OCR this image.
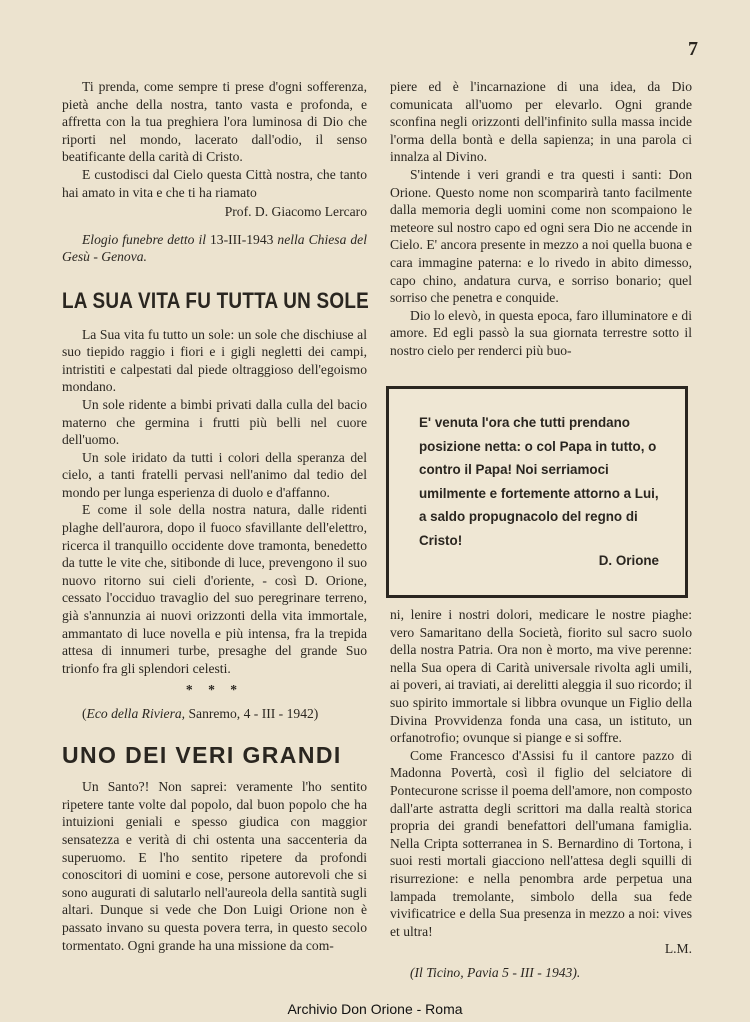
7

Ti prenda, come sempre ti prese d'ogni sofferenza, pietà anche della nostra, tanto vasta e profonda, e affretta con la tua preghiera l'ora luminosa di Dio che riporti nel mondo, lacerato dall'odio, il senso beatificante della carità di Cristo.

E custodisci dal Cielo questa Città nostra, che tanto hai amato in vita e che ti ha riamato

Prof. D. Giacomo Lercaro

Elogio funebre detto il 13-III-1943 nella Chiesa del Gesù - Genova.

LA SUA VITA FU TUTTA UN SOLE

La Sua vita fu tutto un sole: un sole che dischiuse al suo tiepido raggio i fiori e i gigli negletti dei campi, intristiti e calpestati dal piede oltraggioso dell'egoismo mondano.

Un sole ridente a bimbi privati dalla culla del bacio materno che germina i frutti più belli nel cuore dell'uomo.

Un sole iridato da tutti i colori della speranza del cielo, a tanti fratelli pervasi nell'animo dal tedio del mondo per lunga esperienza di duolo e d'affanno.

E come il sole della nostra natura, dalle ridenti plaghe dell'aurora, dopo il fuoco sfavillante dell'elettro, ricerca il tranquillo occidente dove tramonta, benedetto da tutte le vite che, sitibonde di luce, prevengono il suo nuovo ritorno sui cieli d'oriente, - così D. Orione, cessato l'occiduo travaglio del suo peregrinare terreno, già s'annunzia ai nuovi orizzonti della vita immortale, ammantato di luce novella e più intensa, fra la trepida attesa di innumeri turbe, presaghe del grande Suo trionfo fra gli splendori celesti.

* * *

(Eco della Riviera, Sanremo, 4 - III - 1942)

UNO DEI VERI GRANDI

Un Santo?! Non saprei: veramente l'ho sentito ripetere tante volte dal popolo, dal buon popolo che ha intuizioni geniali e spesso giudica con maggior sensatezza e verità di chi ostenta una saccenteria da superuomo. E l'ho sentito ripetere da profondi conoscitori di uomini e cose, persone autorevoli che si sono augurati di salutarlo nell'aureola della santità sugli altari. Dunque si vede che Don Luigi Orione non è passato invano su questa povera terra, in questo secolo tormentato. Ogni grande ha una missione da com-

piere ed è l'incarnazione di una idea, da Dio comunicata all'uomo per elevarlo. Ogni grande sconfina negli orizzonti dell'infinito sulla massa incide l'orma della bontà e della sapienza; in una parola ci innalza al Divino.

S'intende i veri grandi e tra questi i santi: Don Orione. Questo nome non scomparirà tanto facilmente dalla memoria degli uomini come non scompaiono le meteore sul nostro capo ed ogni sera Dio ne accende in Cielo. E' ancora presente in mezzo a noi quella buona e cara immagine paterna: e lo rivedo in abito dimesso, capo chino, andatura curva, e sorriso bonario; quel sorriso che penetra e conquide.

Dio lo elevò, in questa epoca, faro illuminatore e di amore. Ed egli passò la sua giornata terrestre sotto il nostro cielo per renderci più buo-

E' venuta l'ora che tutti prendano posizione netta: o col Papa in tutto, o contro il Papa! Noi serriamoci umilmente e fortemente attorno a Lui, a saldo propugnacolo del regno di Cristo!
D. Orione

ni, lenire i nostri dolori, medicare le nostre piaghe: vero Samaritano della Società, fiorito sul sacro suolo della nostra Patria. Ora non è morto, ma vive perenne: nella Sua opera di Carità universale rivolta agli umili, ai poveri, ai traviati, ai derelitti aleggia il suo ricordo; il suo spirito immortale si libbra ovunque un Figlio della Divina Provvidenza fonda una casa, un istituto, un orfanotrofio; ovunque si piange e si soffre.

Come Francesco d'Assisi fu il cantore pazzo di Madonna Povertà, così il figlio del selciatore di Pontecurone scrisse il poema dell'amore, non composto dall'arte astratta degli scrittori ma dalla realtà storica propria dei grandi benefattori dell'umana famiglia. Nella Cripta sotterranea in S. Bernardino di Tortona, i suoi resti mortali giacciono nell'attesa degli squilli di risurrezione: e nella penombra arde perpetua una lampada tremolante, simbolo della sua fede vivificatrice e della Sua presenza in mezzo a noi: vives et ultra!

L.M.

(Il Ticino, Pavia 5 - III - 1943).

Archivio Don Orione - Roma
